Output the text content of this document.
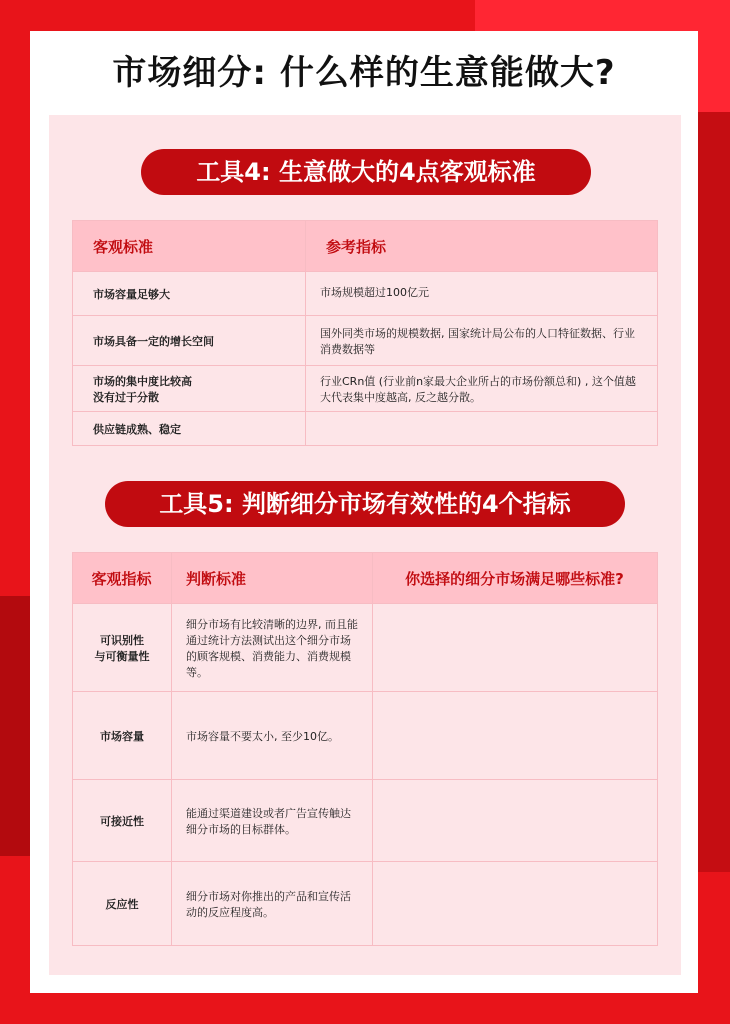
市场细分: 什么样的生意能做大?
工具4: 生意做大的4点客观标准
客观标准	参考指标
市场容量足够大	市场规模超过100亿元
市场具备一定的增长空间	国外同类市场的规模数据, 国家统计局公布的人口特征数据、行业消费数据等
市场的集中度比较高
没有过于分散	行业CRn值 (行业前n家最大企业所占的市场份额总和) , 这个值越大代表集中度越高, 反之越分散。
供应链成熟、稳定	
工具5: 判断细分市场有效性的4个指标
客观指标	判断标准	你选择的细分市场满足哪些标准?
可识别性
与可衡量性	细分市场有比较清晰的边界, 而且能通过统计方法测试出这个细分市场的顾客规模、消费能力、消费规模等。	
市场容量	市场容量不要太小, 至少10亿。	
可接近性	能通过渠道建设或者广告宣传触达细分市场的目标群体。	
反应性	细分市场对你推出的产品和宣传活动的反应程度高。	
